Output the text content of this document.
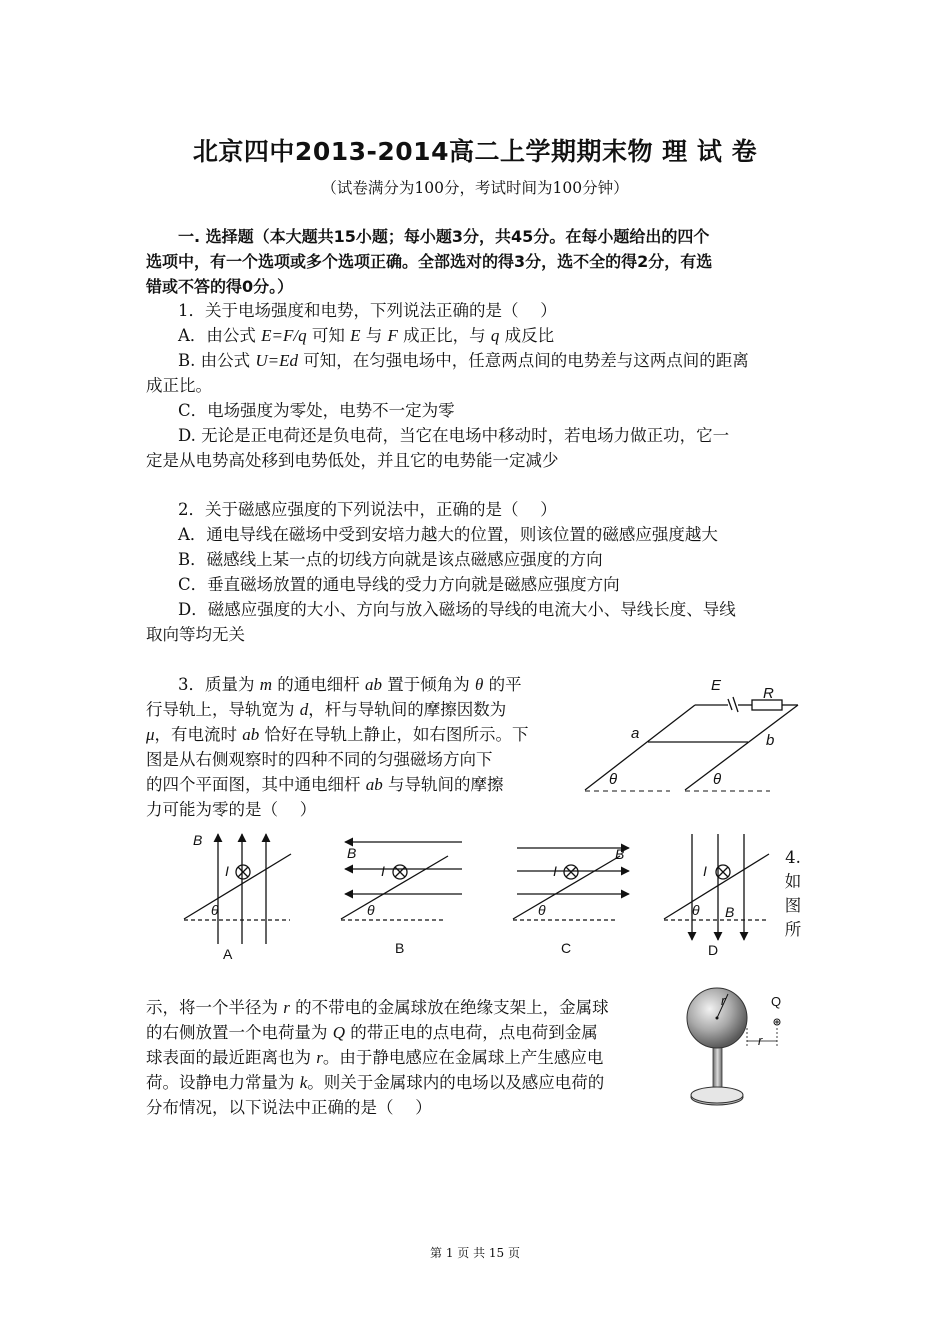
北京四中2013-2014高二上学期期末物 理 试 卷
（试卷满分为100分，考试时间为100分钟）
一. 选择题（本大题共15小题；每小题3分，共45分。在每小题给出的四个
选项中，有一个选项或多个选项正确。全部选对的得3分，选不全的得2分，有选
错或不答的得0分。）
1．关于电场强度和电势，下列说法正确的是（　 ）
A．由公式 E=F/q 可知 E 与 F 成正比，与 q 成反比
B. 由公式 U=Ed 可知，在匀强电场中，任意两点间的电势差与这两点间的距离
成正比。
C．电场强度为零处，电势不一定为零
D. 无论是正电荷还是负电荷，当它在电场中移动时，若电场力做正功，它一
定是从电势高处移到电势低处，并且它的电势能一定减少
2．关于磁感应强度的下列说法中，正确的是（　 ）
A．通电导线在磁场中受到安培力越大的位置，则该位置的磁感应强度越大
B．磁感线上某一点的切线方向就是该点磁感应强度的方向
C．垂直磁场放置的通电导线的受力方向就是磁感应强度方向
D．磁感应强度的大小、方向与放入磁场的导线的电流大小、导线长度、导线
取向等均无关
3．质量为 m 的通电细杆 ab 置于倾角为 θ 的平
行导轨上，导轨宽为 d，杆与导轨间的摩擦因数为
μ，有电流时 ab 恰好在导轨上静止，如右图所示。下
图是从右侧观察时的四种不同的匀强磁场方向下
的四个平面图，其中通电细杆 ab 与导轨间的摩擦
力可能为零的是（　 ）
E	R
a	b
θ	θ
B
I
θ
A
B
I
θ
B
B
I
θ
C
I
θ B
D
4.
如
图
所
示，将一个半径为 r 的不带电的金属球放在绝缘支架上，金属球
的右侧放置一个电荷量为 Q 的带正电的点电荷，点电荷到金属
球表面的最近距离也为 r。由于静电感应在金属球上产生感应电
荷。设静电力常量为 k。则关于金属球内的电场以及感应电荷的
分布情况，以下说法中正确的是（　 ）
r	Q
r
第 1 页 共 15 页
